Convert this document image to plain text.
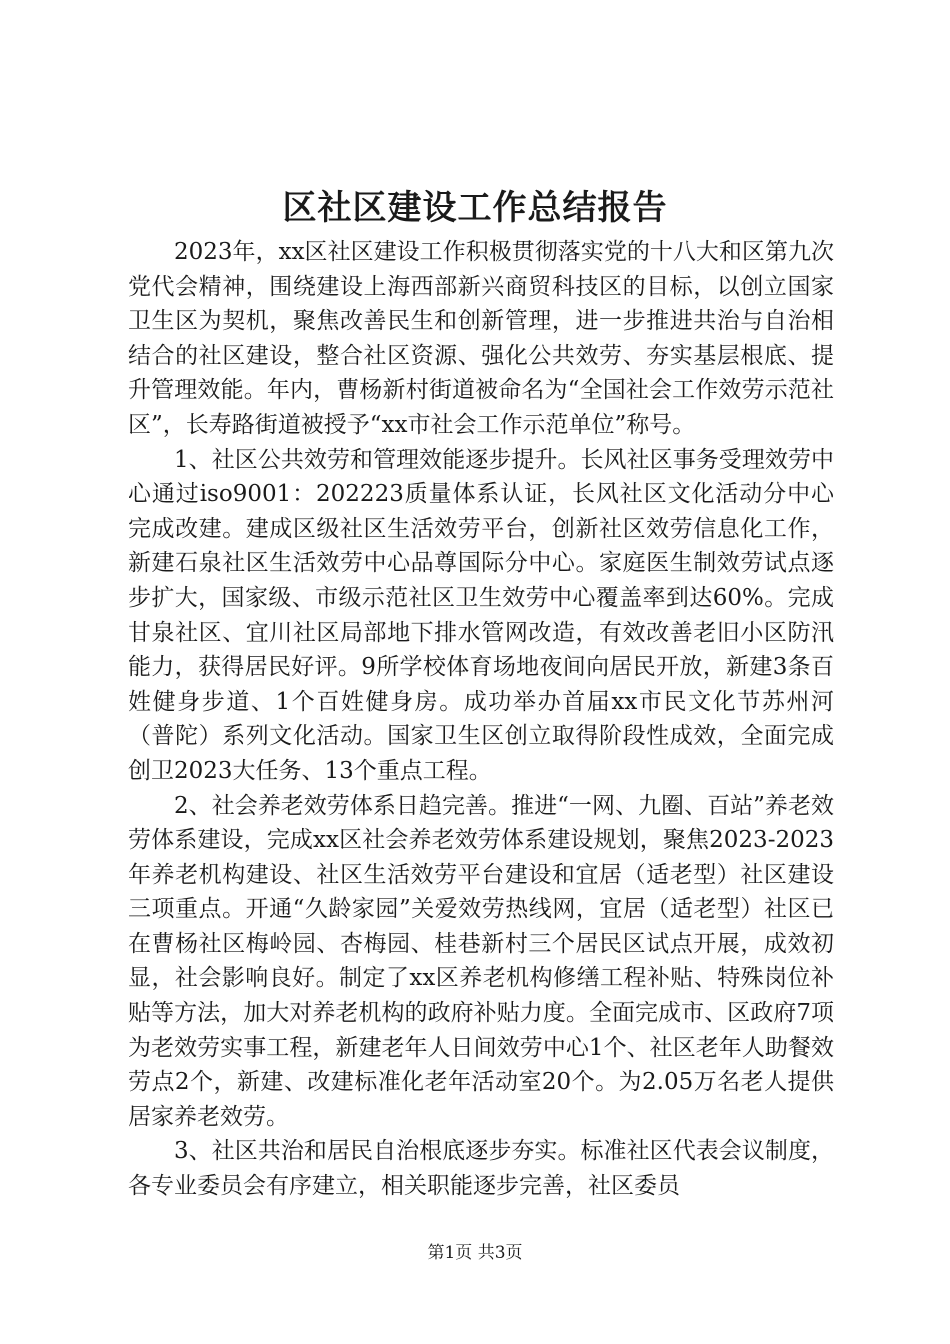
区社区建设工作总结报告

2023年，xx区社区建设工作积极贯彻落实党的十八大和区第九次党代会精神，围绕建设上海西部新兴商贸科技区的目标，以创立国家卫生区为契机，聚焦改善民生和创新管理，进一步推进共治与自治相结合的社区建设，整合社区资源、强化公共效劳、夯实基层根底、提升管理效能。年内，曹杨新村街道被命名为“全国社会工作效劳示范社区”，长寿路街道被授予“xx市社会工作示范单位”称号。

1、社区公共效劳和管理效能逐步提升。长风社区事务受理效劳中心通过iso9001：202223质量体系认证，长风社区文化活动分中心完成改建。建成区级社区生活效劳平台，创新社区效劳信息化工作，新建石泉社区生活效劳中心品尊国际分中心。家庭医生制效劳试点逐步扩大，国家级、市级示范社区卫生效劳中心覆盖率到达60%。完成甘泉社区、宜川社区局部地下排水管网改造，有效改善老旧小区防汛能力，获得居民好评。9所学校体育场地夜间向居民开放，新建3条百姓健身步道、1个百姓健身房。成功举办首届xx市民文化节苏州河（普陀）系列文化活动。国家卫生区创立取得阶段性成效，全面完成创卫2023大任务、13个重点工程。

2、社会养老效劳体系日趋完善。推进“一网、九圈、百站”养老效劳体系建设，完成xx区社会养老效劳体系建设规划，聚焦2023-2023年养老机构建设、社区生活效劳平台建设和宜居（适老型）社区建设三项重点。开通“久龄家园”关爱效劳热线网，宜居（适老型）社区已在曹杨社区梅岭园、杏梅园、桂巷新村三个居民区试点开展，成效初显，社会影响良好。制定了xx区养老机构修缮工程补贴、特殊岗位补贴等方法，加大对养老机构的政府补贴力度。全面完成市、区政府7项为老效劳实事工程，新建老年人日间效劳中心1个、社区老年人助餐效劳点2个，新建、改建标准化老年活动室20个。为2.05万名老人提供居家养老效劳。

3、社区共治和居民自治根底逐步夯实。标准社区代表会议制度，各专业委员会有序建立，相关职能逐步完善，社区委员

第1页 共3页
